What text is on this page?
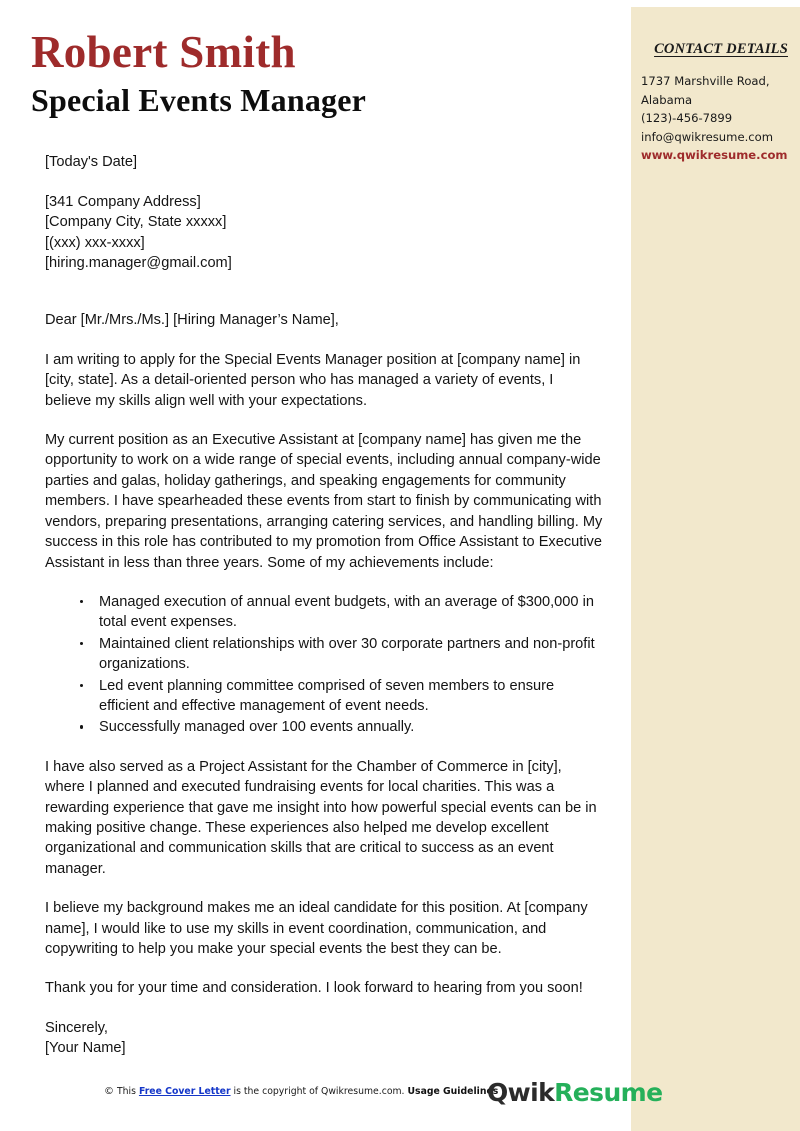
CONTACT DETAILS
1737 Marshville Road,
Alabama
(123)-456-7899
info@qwikresume.com
www.qwikresume.com
Robert Smith
Special Events Manager
[Today's Date]
[341 Company Address]
[Company City, State xxxxx]
[(xxx) xxx-xxxx]
[hiring.manager@gmail.com]
Dear [Mr./Mrs./Ms.] [Hiring Manager’s Name],

I am writing to apply for the Special Events Manager position at [company name] in [city, state]. As a detail-oriented person who has managed a variety of events, I believe my skills align well with your expectations.

My current position as an Executive Assistant at [company name] has given me the opportunity to work on a wide range of special events, including annual company-wide parties and galas, holiday gatherings, and speaking engagements for community members. I have spearheaded these events from start to finish by communicating with vendors, preparing presentations, arranging catering services, and handling billing. My success in this role has contributed to my promotion from Office Assistant to Executive Assistant in less than three years. Some of my achievements include:

Managed execution of annual event budgets, with an average of $300,000 in total event expenses.
Maintained client relationships with over 30 corporate partners and non-profit organizations.
Led event planning committee comprised of seven members to ensure efficient and effective management of event needs.
Successfully managed over 100 events annually.

I have also served as a Project Assistant for the Chamber of Commerce in [city], where I planned and executed fundraising events for local charities. This was a rewarding experience that gave me insight into how powerful special events can be in making positive change. These experiences also helped me develop excellent organizational and communication skills that are critical to success as an event manager.

I believe my background makes me an ideal candidate for this position. At [company name], I would like to use my skills in event coordination, communication, and copywriting to help you make your special events the best they can be.

Thank you for your time and consideration. I look forward to hearing from you soon!

Sincerely,
[Your Name]
© This Free Cover Letter is the copyright of Qwikresume.com. Usage Guidelines
QwikResume
